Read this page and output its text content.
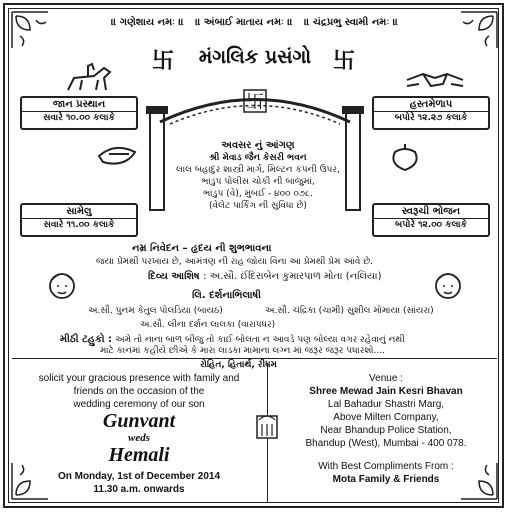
॥ ગણેશાય નમઃ ॥ ॥ અંબાઈ માતાય નમઃ ॥ ॥ ચંદ્રપ્રભુ સ્વામી નમઃ ॥
卐	મંગલિક પ્રસંગો 卐
જાન પ્રસ્થાન
સવારે ૧૦.૦૦ કલાકે
હસ્તમેળાપ
બપોરે ૧૨.૨૭ કલાકે
卐
અવસર નું આંગણ
શ્રી મેવાડ જૈન કેસરી ભવન
લાલ બહાદુર શાસ્ત્રી માર્ગ, મિલ્ટન કંપની ઉપર,
ભાંડુપ પોલીસ ચોકી ની બાજુમાં,
ભાંડુપ (વે), મુંબઈ - ૪૦૦ ૦૭૮.
(વેલેટ પાર્કિંગ ની સુવિધા છે)
સામેલુ
સવારે ૧૧.૦૦ કલાકે
સ્વરૂચી ભોજન
બપોરે ૧૨.૦૦ કલાકે
નમ્ર નિવેદન – હૃદય ની શુભભાવના
જયા પ્રેમથી પરખાય છે, આમંત્રણ ની રાહ જોયા વિના આ પ્રેમથી પ્રેમ આવે છે.
દિવ્ય આશિષ : અ.સૌ. ઈંદિરાબેન કુમારપાળ મોતા (નલિયા)
લિ. દર્શનાભિલાષી
અ.સૌ. પુનમ કેતુલ પોલડિયા (બાયઠ)	અ.સૌ. ચંદ્રિકા (ચામી) સુશીલ મોમાયા (સાંયરા)
અ.સૌ. લીના દર્શન લાલકા (વારાપધર)
મીઠી ટહુકો : અમે તો નાના બાળ બીજુ તો કાઈ બોલતા ન આવડે પણ બોલ્યા વગર રહેવાનું નથી
માટે કાનમાં કહીયે છીએ કે મારા લાડકા મામાના લગ્ન માં જરૂર જરૂર પધારશો....
રોહિત, હિતાર્થ, રીધમ
solicit your gracious presence with family and
friends on the occasion of the
wedding ceremony of our son
Gunvant
weds
Hemali
On Monday, 1st of December 2014
11.30 a.m. onwards
Venue :
Shree Mewad Jain Kesri Bhavan
Lal Bahadur Shastri Marg,
Above Milten Company,
Near Bhandup Police Station,
Bhandup (West), Mumbai - 400 078.
With Best Compliments From :
Mota Family & Friends
